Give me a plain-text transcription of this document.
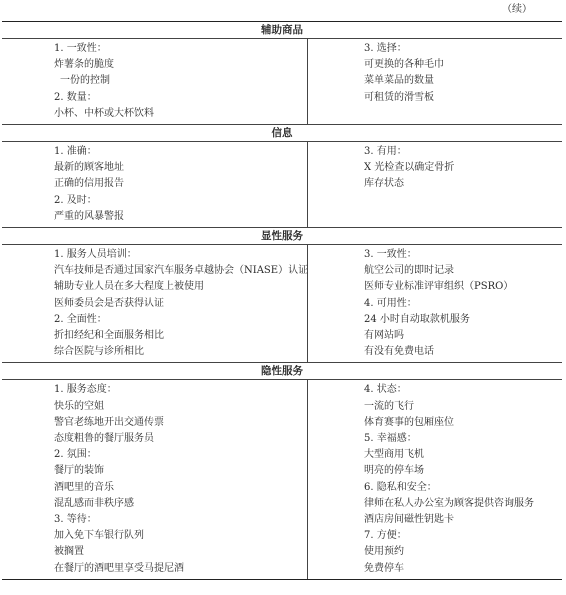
（续）
辅助商品
1. 一致性：
炸薯条的脆度
一份的控制
2. 数量：
小杯、中杯或大杯饮料
3. 选择：
可更换的各种毛巾
菜单菜品的数量
可租赁的滑雪板
信息
1. 准确：
最新的顾客地址
正确的信用报告
2. 及时：
严重的风暴警报
3. 有用：
X 光检查以确定骨折
库存状态
显性服务
1. 服务人员培训：
汽车技师是否通过国家汽车服务卓越协会（NIASE）认证
辅助专业人员在多大程度上被使用
医师委员会是否获得认证
2. 全面性：
折扣经纪和全面服务相比
综合医院与诊所相比
3. 一致性：
航空公司的即时记录
医师专业标准评审组织（PSRO）
4. 可用性：
24 小时自动取款机服务
有网站吗
有没有免费电话
隐性服务
1. 服务态度：
快乐的空姐
警官老练地开出交通传票
态度粗鲁的餐厅服务员
2. 氛围：
餐厅的装饰
酒吧里的音乐
混乱感而非秩序感
3. 等待：
加入免下车银行队列
被搁置
在餐厅的酒吧里享受马提尼酒
4. 状态：
一流的飞行
体育赛事的包厢座位
5. 幸福感：
大型商用飞机
明亮的停车场
6. 隐私和安全：
律师在私人办公室为顾客提供咨询服务
酒店房间磁性钥匙卡
7. 方便：
使用预约
免费停车
